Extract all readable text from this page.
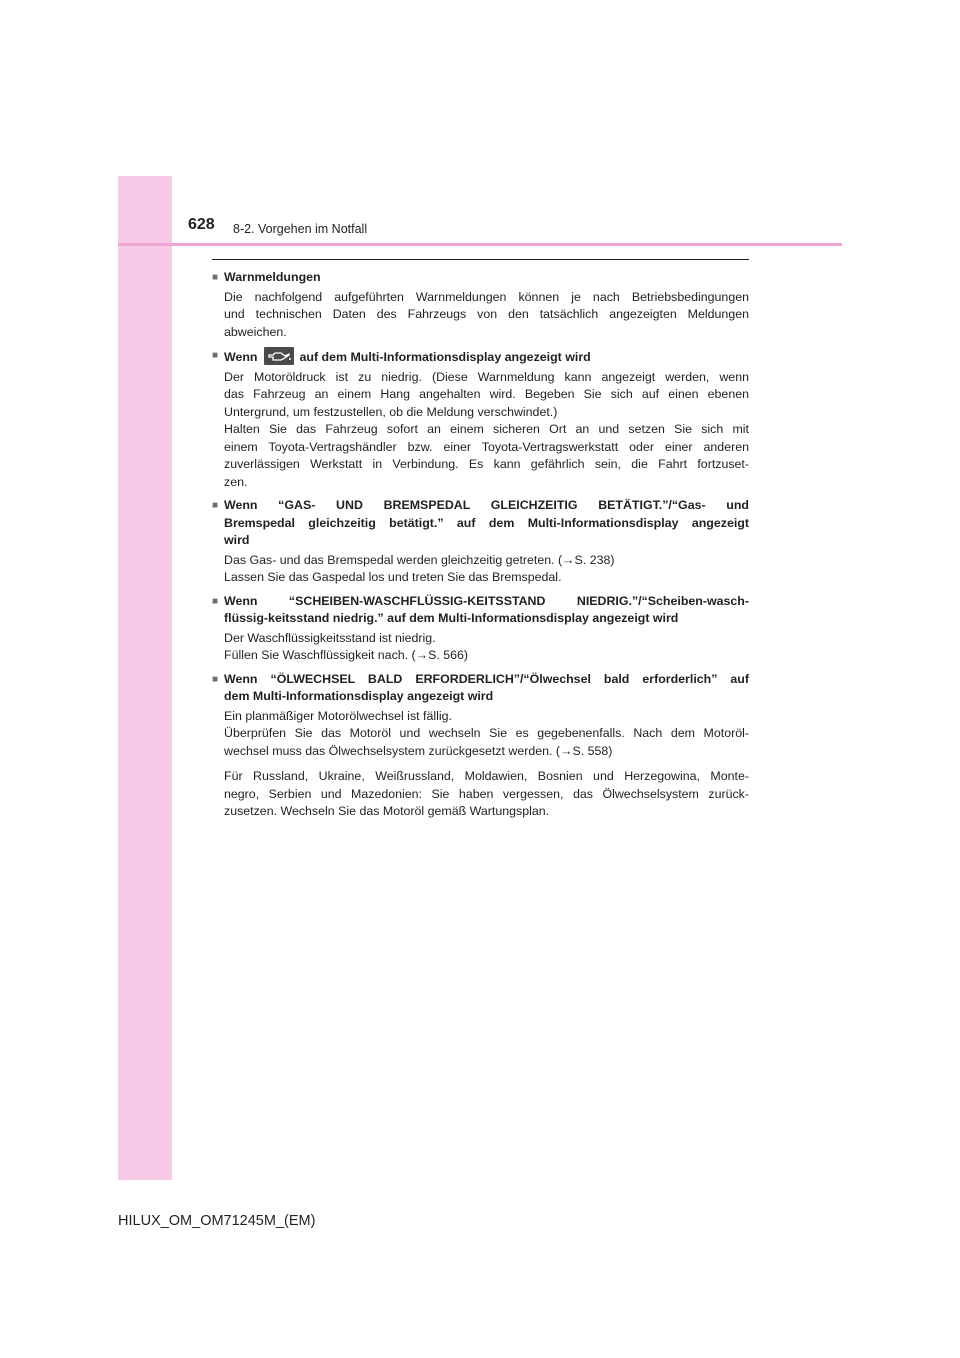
628 8-2. Vorgehen im Notfall
■ Warnmeldungen
Die nachfolgend aufgeführten Warnmeldungen können je nach Betriebsbedingungen
und technischen Daten des Fahrzeugs von den tatsächlich angezeigten Meldungen
abweichen.
■ Wenn	auf dem Multi-Informationsdisplay angezeigt wird
Der Motoröldruck ist zu niedrig. (Diese Warnmeldung kann angezeigt werden, wenn
das Fahrzeug an einem Hang angehalten wird. Begeben Sie sich auf einen ebenen
Untergrund, um festzustellen, ob die Meldung verschwindet.)
Halten Sie das Fahrzeug sofort an einem sicheren Ort an und setzen Sie sich mit
einem Toyota-Vertragshändler bzw. einer Toyota-Vertragswerkstatt oder einer anderen
zuverlässigen Werkstatt in Verbindung. Es kann gefährlich sein, die Fahrt fortzuset-
zen.
■ Wenn “GAS- UND BREMSPEDAL GLEICHZEITIG BETÄTIGT.”/“Gas- und
Bremspedal gleichzeitig betätigt.” auf dem Multi-Informationsdisplay angezeigt
wird
Das Gas- und das Bremspedal werden gleichzeitig getreten. (→S. 238)
Lassen Sie das Gaspedal los und treten Sie das Bremspedal.
■ Wenn “SCHEIBEN-WASCHFLÜSSIG-KEITSSTAND NIEDRIG.”/“Scheiben-wasch-
flüssig-keitsstand niedrig.” auf dem Multi-Informationsdisplay angezeigt wird
Der Waschflüssigkeitsstand ist niedrig.
Füllen Sie Waschflüssigkeit nach. (→S. 566)
■ Wenn “ÖLWECHSEL BALD ERFORDERLICH”/“Ölwechsel bald erforderlich” auf
dem Multi-Informationsdisplay angezeigt wird
Ein planmäßiger Motorölwechsel ist fällig.
Überprüfen Sie das Motoröl und wechseln Sie es gegebenenfalls. Nach dem Motoröl-
wechsel muss das Ölwechselsystem zurückgesetzt werden. (→S. 558)
Für Russland, Ukraine, Weißrussland, Moldawien, Bosnien und Herzegowina, Monte-
negro, Serbien und Mazedonien: Sie haben vergessen, das Ölwechselsystem zurück-
zusetzen. Wechseln Sie das Motoröl gemäß Wartungsplan.
HILUX_OM_OM71245M_(EM)
